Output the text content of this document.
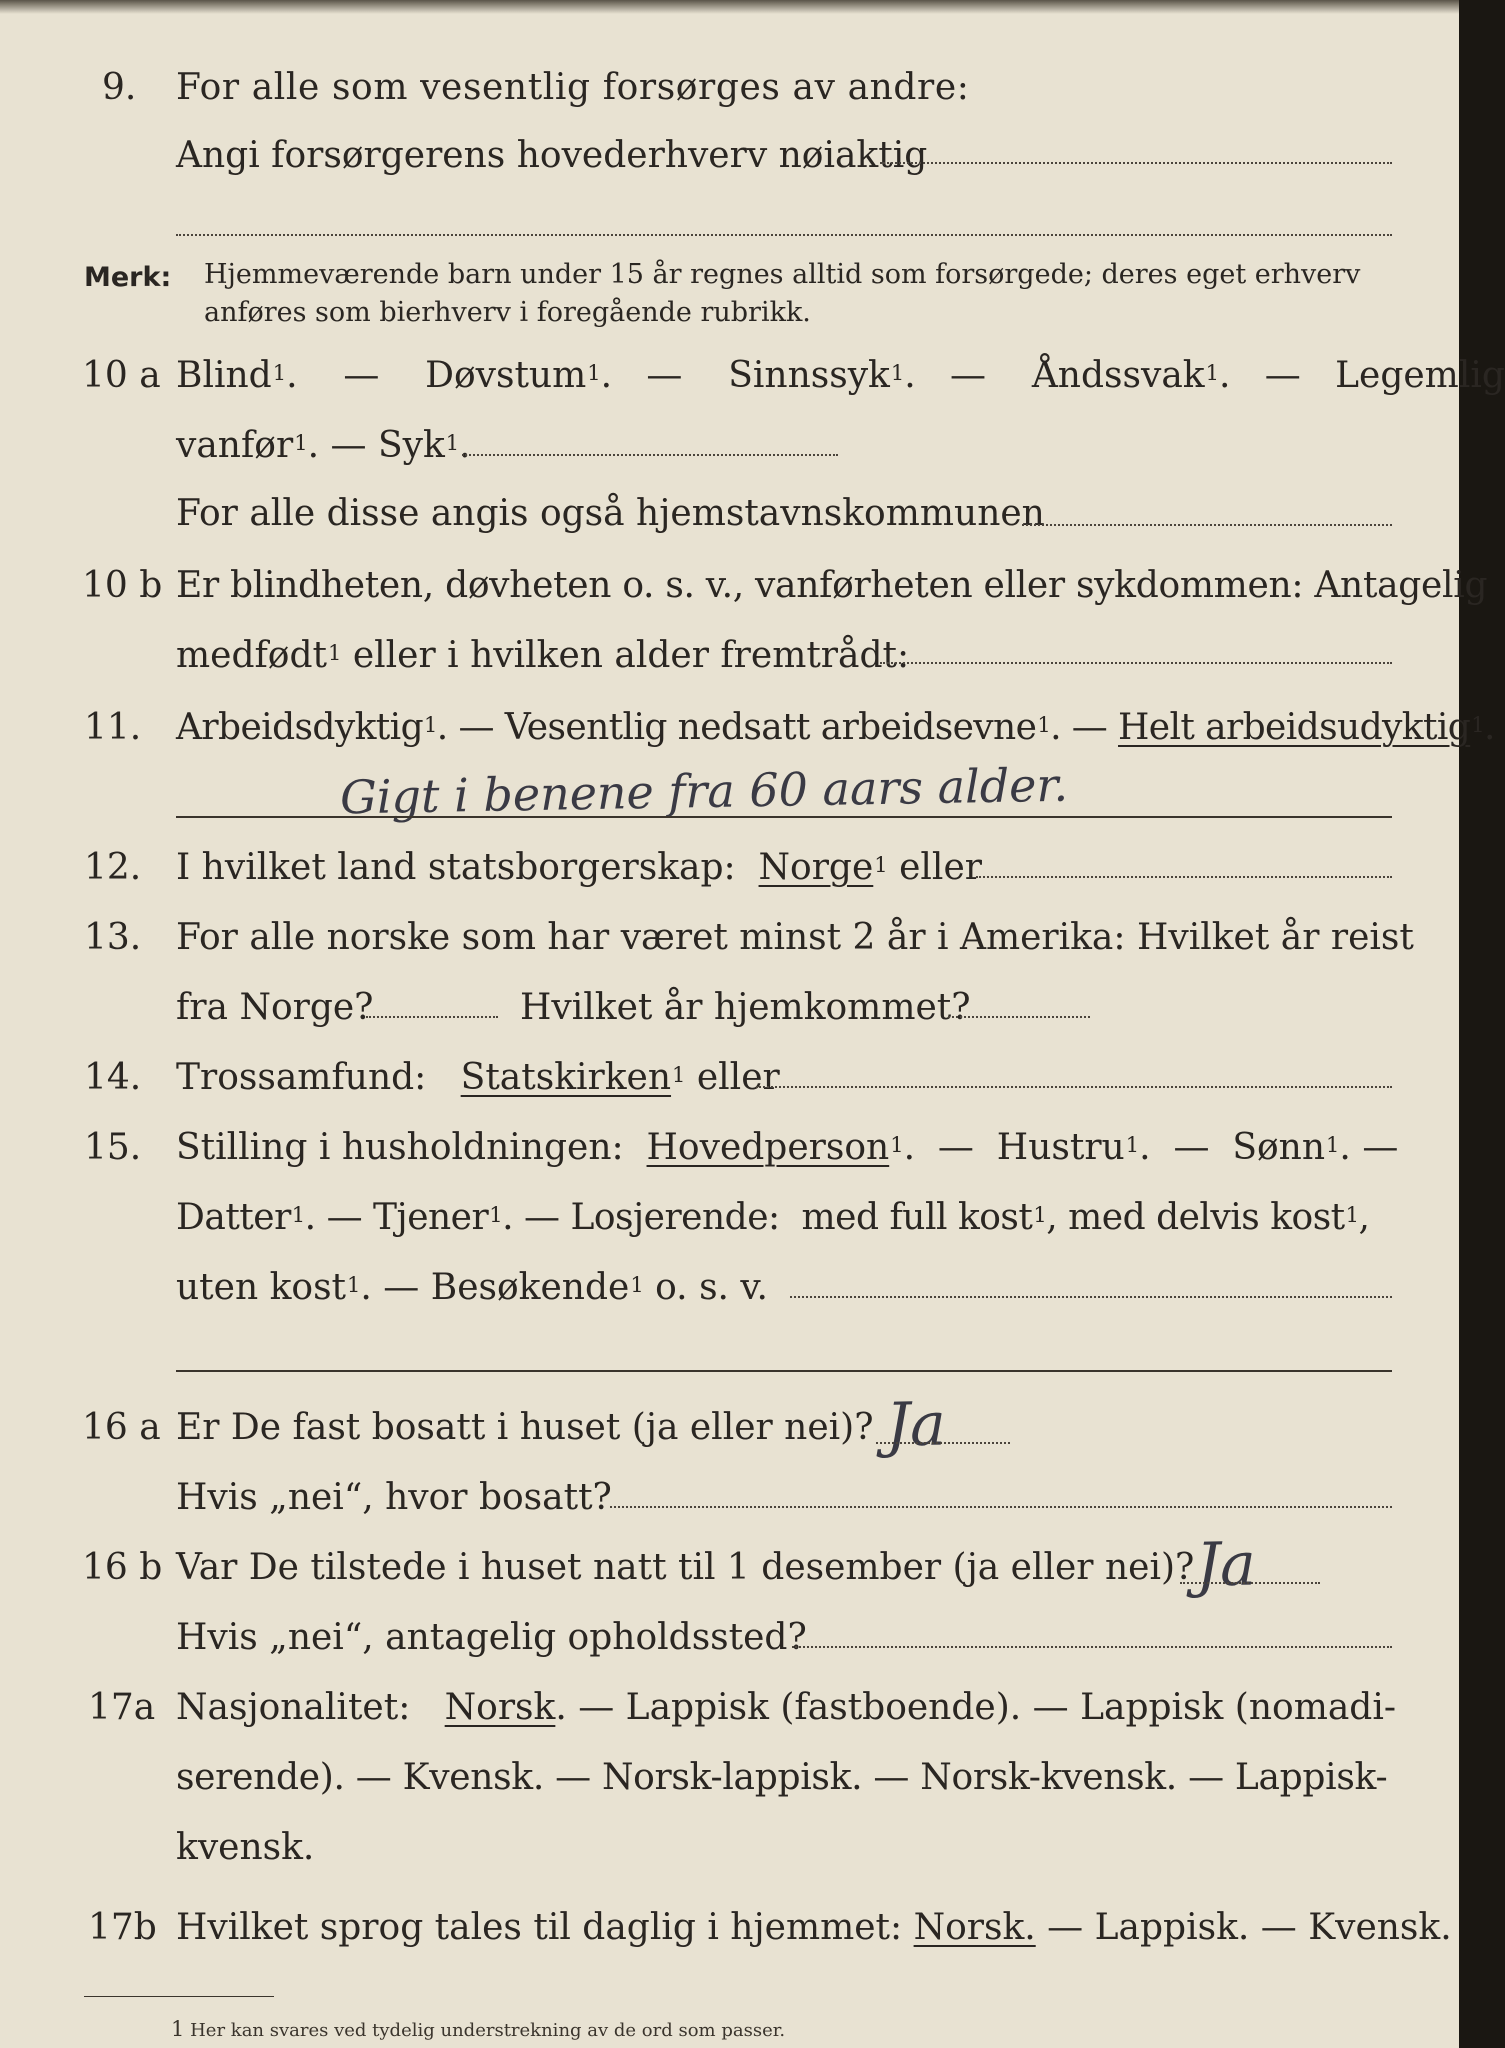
9. For alle som vesentlig forsørges av andre:
Angi forsørgerens hovederhverv nøiaktig
Merk: Hjemmeværende barn under 15 år regnes alltid som forsørgede; deres eget erhverv
anføres som bierhverv i foregående rubrikk.
10 a Blind$^1$. — Døvstum$^1$. — Sinnssyk$^1$. — Åndssvak$^1$. — Legemlig
vanfør$^1$. — Syk$^1$.
For alle disse angis også hjemstavnskommunen
10 b Er blindheten, døvheten o. s. v., vanførheten eller sykdommen: Antagelig
medfødt$^1$ eller i hvilken alder fremtrådt:
11. Arbeidsdyktig$^1$. — Vesentlig nedsatt arbeidsevne$^1$. — Helt arbeidsudyktig$^1$.
Gigt i benene fra 60 aars alder.
12. I hvilket land statsborgerskap: Norge$^1$ eller
13. For alle norske som har været minst 2 år i Amerika: Hvilket år reist
fra Norge?	Hvilket år hjemkommet?
14. Trossamfund: Statskirken$^1$ eller
15. Stilling i husholdningen: Hovedperson$^1$. — Hustru$^1$. — Sønn$^1$. —
Datter$^1$. — Tjener$^1$. — Losjerende: med full kost$^1$, med delvis kost$^1$,
uten kost$^1$. — Besøkende$^1$ o. s. v.
16 a Er De fast bosatt i huset (ja eller nei)? Ja
Hvis „nei“, hvor bosatt?
16 b Var De tilstede i huset natt til 1 desember (ja eller nei)? Ja
Hvis „nei“, antagelig opholdssted?
17a Nasjonalitet: Norsk. — Lappisk (fastboende). — Lappisk (nomadi-
serende). — Kvensk. — Norsk-lappisk. — Norsk-kvensk. — Lappisk-
kvensk.
17b Hvilket sprog tales til daglig i hjemmet: Norsk. — Lappisk. — Kvensk.
1 Her kan svares ved tydelig understrekning av de ord som passer.
